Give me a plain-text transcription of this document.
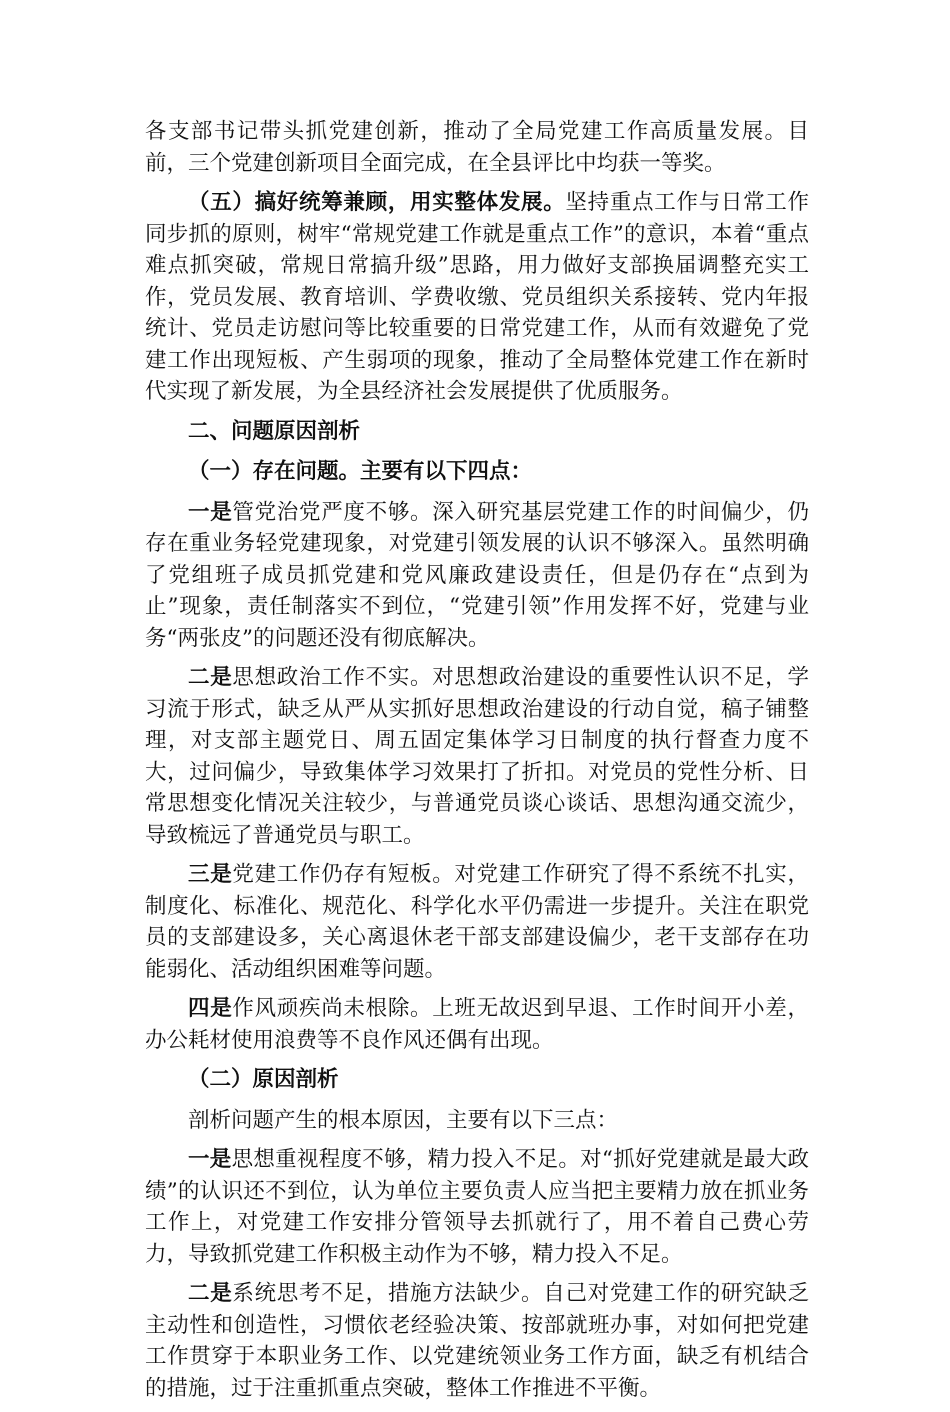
各支部书记带头抓党建创新，推动了全局党建工作高质量发展。目前，三个党建创新项目全面完成，在全县评比中均获一等奖。

（五）搞好统筹兼顾，用实整体发展。坚持重点工作与日常工作同步抓的原则，树牢“常规党建工作就是重点工作”的意识，本着“重点难点抓突破，常规日常搞升级”思路，用力做好支部换届调整充实工作，党员发展、教育培训、学费收缴、党员组织关系接转、党内年报统计、党员走访慰问等比较重要的日常党建工作，从而有效避免了党建工作出现短板、产生弱项的现象，推动了全局整体党建工作在新时代实现了新发展，为全县经济社会发展提供了优质服务。

二、问题原因剖析

（一）存在问题。主要有以下四点：

一是管党治党严度不够。深入研究基层党建工作的时间偏少，仍存在重业务轻党建现象，对党建引领发展的认识不够深入。虽然明确了党组班子成员抓党建和党风廉政建设责任，但是仍存在“点到为止”现象，责任制落实不到位，“党建引领”作用发挥不好，党建与业务“两张皮”的问题还没有彻底解决。

二是思想政治工作不实。对思想政治建设的重要性认识不足，学习流于形式，缺乏从严从实抓好思想政治建设的行动自觉，稿子铺整理，对支部主题党日、周五固定集体学习日制度的执行督查力度不大，过问偏少，导致集体学习效果打了折扣。对党员的党性分析、日常思想变化情况关注较少，与普通党员谈心谈话、思想沟通交流少，导致梳远了普通党员与职工。

三是党建工作仍存有短板。对党建工作研究了得不系统不扎实，制度化、标准化、规范化、科学化水平仍需进一步提升。关注在职党员的支部建设多，关心离退休老干部支部建设偏少，老干支部存在功能弱化、活动组织困难等问题。

四是作风顽疾尚未根除。上班无故迟到早退、工作时间开小差，办公耗材使用浪费等不良作风还偶有出现。

（二）原因剖析

剖析问题产生的根本原因，主要有以下三点：

一是思想重视程度不够，精力投入不足。对“抓好党建就是最大政绩”的认识还不到位，认为单位主要负责人应当把主要精力放在抓业务工作上，对党建工作安排分管领导去抓就行了，用不着自己费心劳力，导致抓党建工作积极主动作为不够，精力投入不足。

二是系统思考不足，措施方法缺少。自己对党建工作的研究缺乏主动性和创造性，习惯依老经验决策、按部就班办事，对如何把党建工作贯穿于本职业务工作、以党建统领业务工作方面，缺乏有机结合的措施，过于注重抓重点突破，整体工作推进不平衡。
